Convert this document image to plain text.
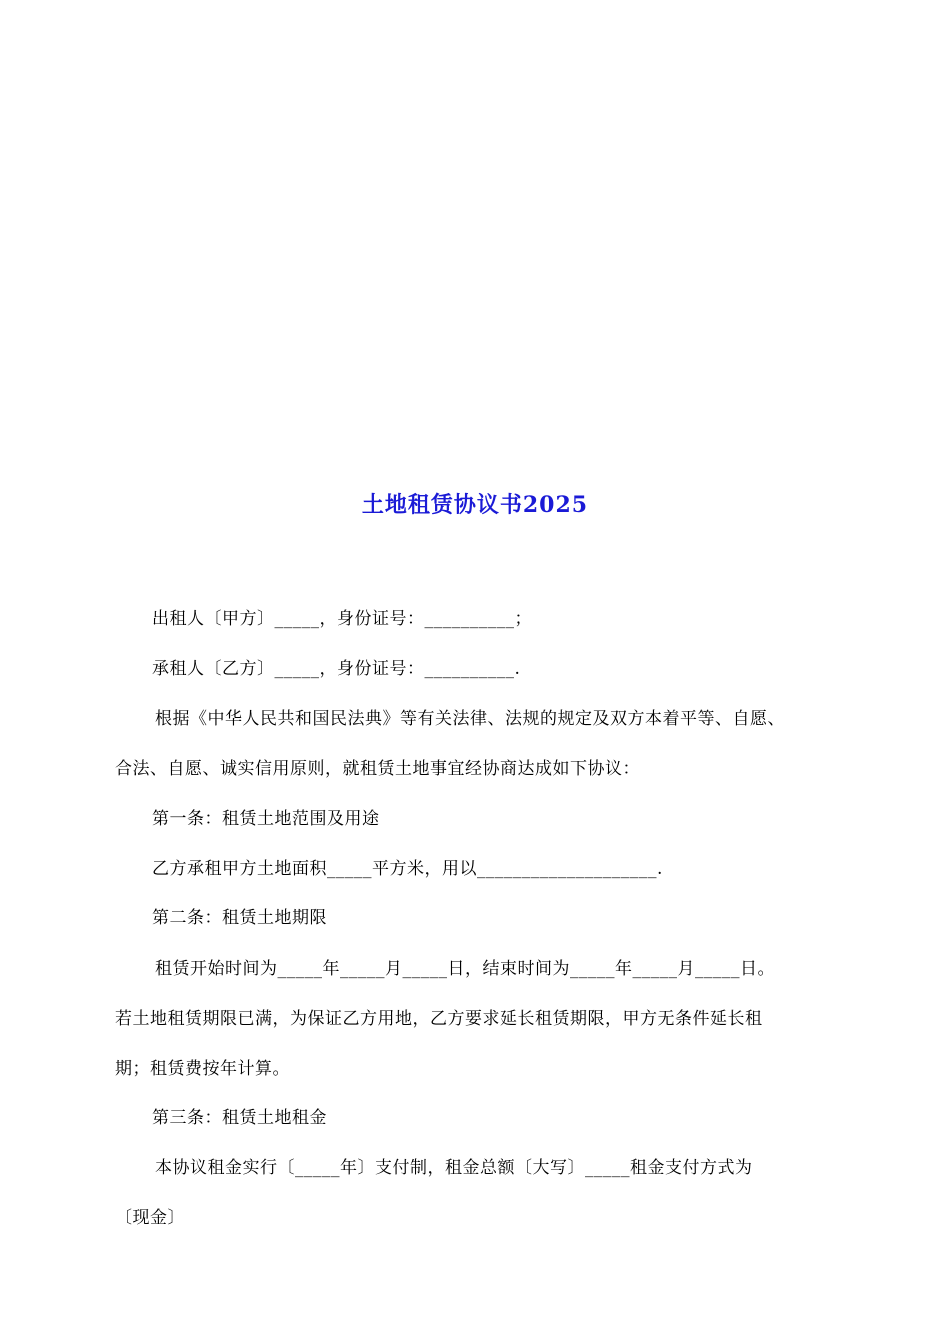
土地租赁协议书2025
出租人〔甲方〕_____，身份证号：__________；
承租人〔乙方〕_____，身份证号：__________.
根据《中华人民共和国民法典》等有关法律、法规的规定及双方本着平等、自愿、
合法、自愿、诚实信用原则，就租赁土地事宜经协商达成如下协议：
第一条：租赁土地范围及用途
乙方承租甲方土地面积_____平方米，用以____________________.
第二条：租赁土地期限
租赁开始时间为_____年_____月_____日，结束时间为_____年_____月_____日。
若土地租赁期限已满，为保证乙方用地，乙方要求延长租赁期限，甲方无条件延长租
期；租赁费按年计算。
第三条：租赁土地租金
本协议租金实行〔_____年〕支付制，租金总额〔大写〕_____租金支付方式为
〔现金〕
